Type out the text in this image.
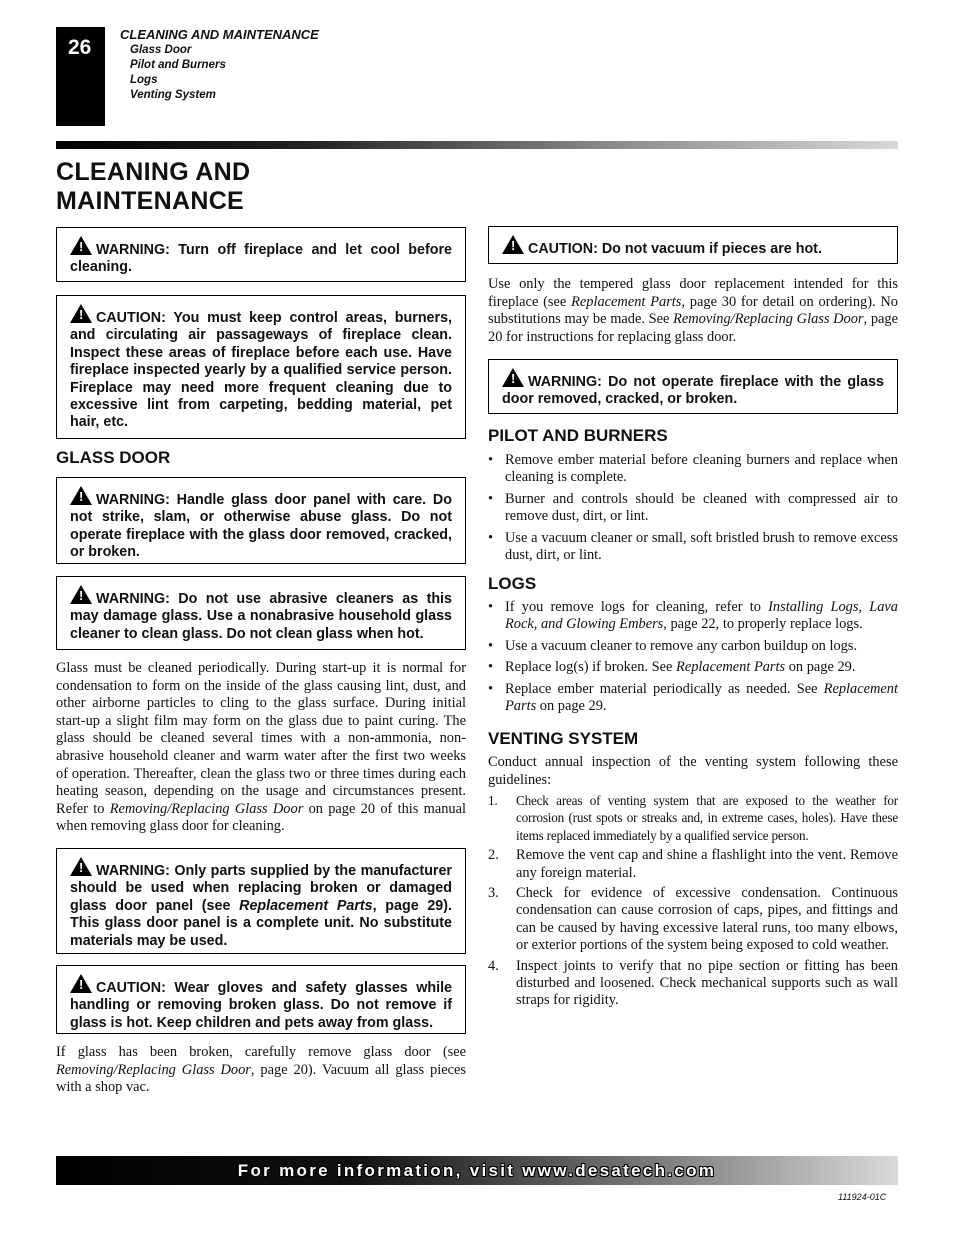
26
CLEANING AND MAINTENANCE
Glass Door
Pilot and Burners
Logs
Venting System
CLEANING AND
MAINTENANCE
!WARNING: Turn off fireplace and let cool before cleaning.
!CAUTION: You must keep control areas, burners, and circulating air passageways of fireplace clean. Inspect these areas of fireplace before each use. Have fireplace inspected yearly by a qualified service person. Fireplace may need more frequent cleaning due to excessive lint from carpeting, bedding material, pet hair, etc.
GLASS DOOR
!WARNING: Handle glass door panel with care. Do not strike, slam, or otherwise abuse glass. Do not operate fireplace with the glass door removed, cracked, or broken.
!WARNING: Do not use abrasive cleaners as this may damage glass. Use a nonabrasive household glass cleaner to clean glass. Do not clean glass when hot.
Glass must be cleaned periodically. During start-up it is normal for condensation to form on the inside of the glass causing lint, dust, and other airborne particles to cling to the glass surface. During initial start-up a slight film may form on the glass due to paint curing. The glass should be cleaned several times with a non-ammonia, non-abrasive household cleaner and warm water after the first two weeks of operation. Thereafter, clean the glass two or three times during each heating season, depending on the usage and circumstances present. Refer to Removing/Replacing Glass Door on page 20 of this manual when removing glass door for cleaning.
!WARNING: Only parts supplied by the manufacturer should be used when replacing broken or damaged glass door panel (see Replacement Parts, page 29). This glass door panel is a complete unit. No substitute materials may be used.
!CAUTION: Wear gloves and safety glasses while handling or removing broken glass. Do not remove if glass is hot. Keep children and pets away from glass.
If glass has been broken, carefully remove glass door (see Removing/Replacing Glass Door, page 20). Vacuum all glass pieces with a shop vac.
!CAUTION: Do not vacuum if pieces are hot.
Use only the tempered glass door replacement intended for this fireplace (see Replacement Parts, page 30 for detail on ordering). No substitutions may be made. See Removing/Replacing Glass Door, page 20 for instructions for replacing glass door.
!WARNING: Do not operate fireplace with the glass door removed, cracked, or broken.
PILOT AND BURNERS
• Remove ember material before cleaning burners and replace when cleaning is complete.
• Burner and controls should be cleaned with compressed air to remove dust, dirt, or lint.
• Use a vacuum cleaner or small, soft bristled brush to remove excess dust, dirt, or lint.
LOGS
• If you remove logs for cleaning, refer to Installing Logs, Lava Rock, and Glowing Embers, page 22, to properly replace logs.
• Use a vacuum cleaner to remove any carbon buildup on logs.
• Replace log(s) if broken. See Replacement Parts on page 29.
• Replace ember material periodically as needed. See Replacement Parts on page 29.
VENTING SYSTEM
Conduct annual inspection of the venting system following these guidelines:
1. Check areas of venting system that are exposed to the weather for corrosion (rust spots or streaks and, in extreme cases, holes). Have these items replaced immediately by a qualified service person.
2. Remove the vent cap and shine a flashlight into the vent. Remove any foreign material.
3. Check for evidence of excessive condensation. Continuous condensation can cause corrosion of caps, pipes, and fittings and can be caused by having excessive lateral runs, too many elbows, or exterior portions of the system being exposed to cold weather.
4. Inspect joints to verify that no pipe section or fitting has been disturbed and loosened. Check mechanical supports such as wall straps for rigidity.
For more information, visit www.desatech.com
111924-01C
